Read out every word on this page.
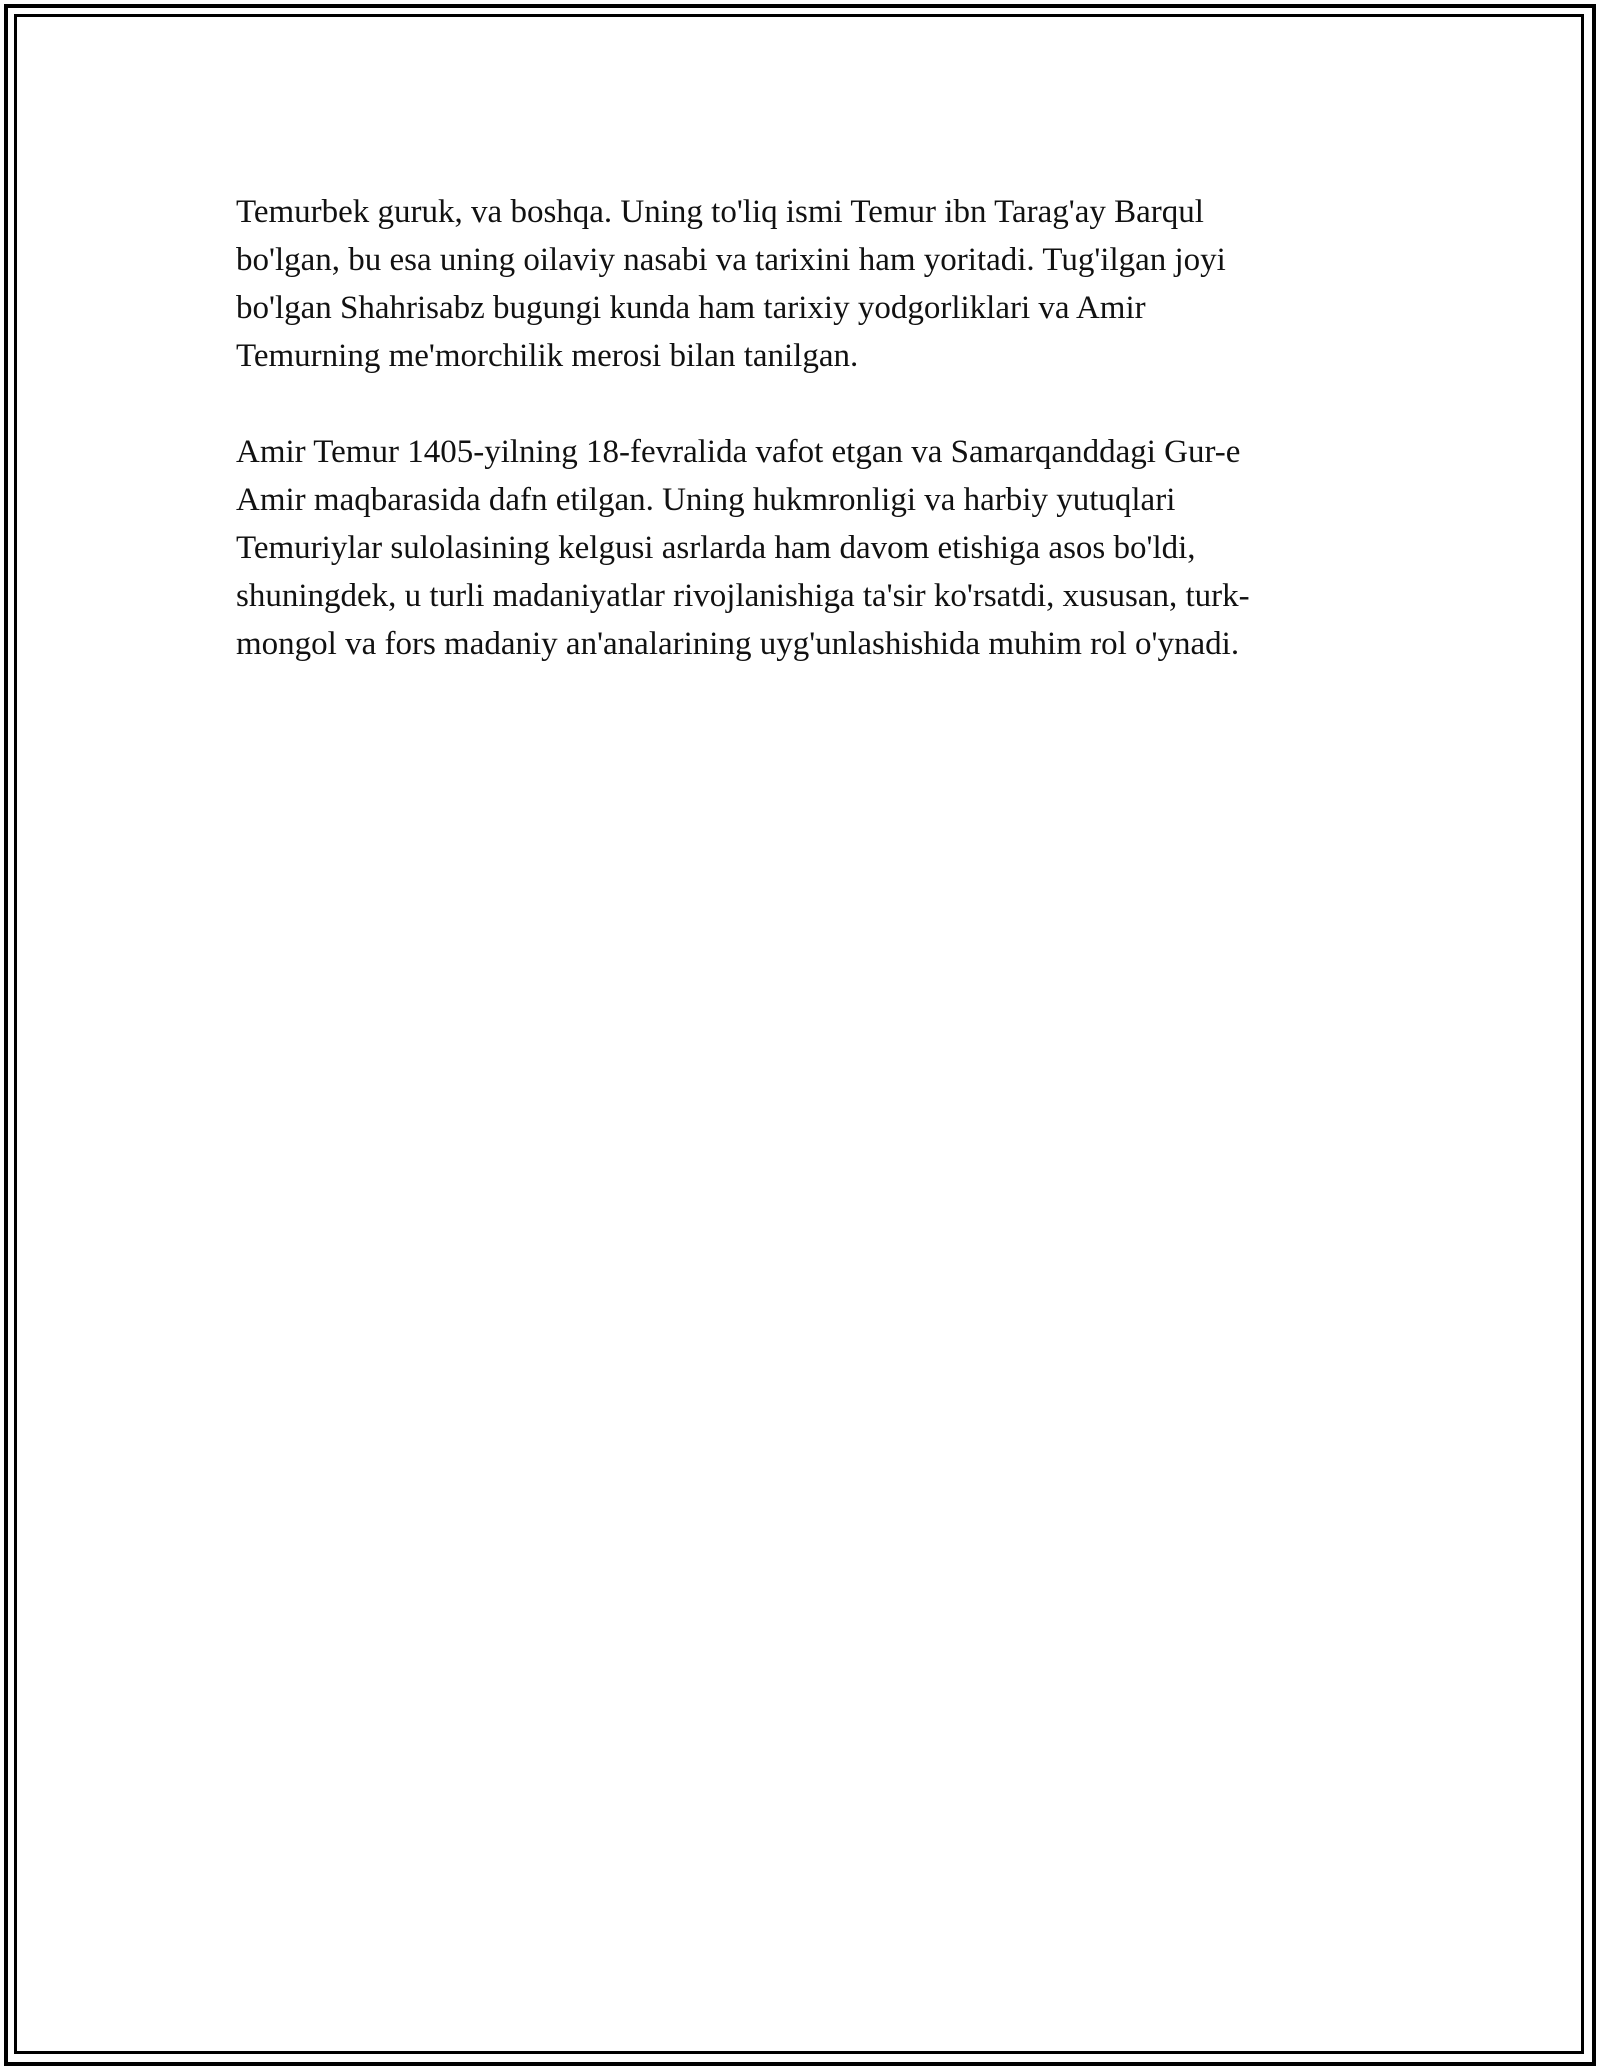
Temurbek guruk, va boshqa. Uning to'liq ismi Temur ibn Tarag'ay Barqul
bo'lgan, bu esa uning oilaviy nasabi va tarixini ham yoritadi. Tug'ilgan joyi
bo'lgan Shahrisabz bugungi kunda ham tarixiy yodgorliklari va Amir
Temurning me'morchilik merosi bilan tanilgan.

Amir Temur 1405-yilning 18-fevralida vafot etgan va Samarqanddagi Gur-e
Amir maqbarasida dafn etilgan. Uning hukmronligi va harbiy yutuqlari
Temuriylar sulolasining kelgusi asrlarda ham davom etishiga asos bo'ldi,
shuningdek, u turli madaniyatlar rivojlanishiga ta'sir ko'rsatdi, xususan, turk-
mongol va fors madaniy an'analarining uyg'unlashishida muhim rol o'ynadi.
